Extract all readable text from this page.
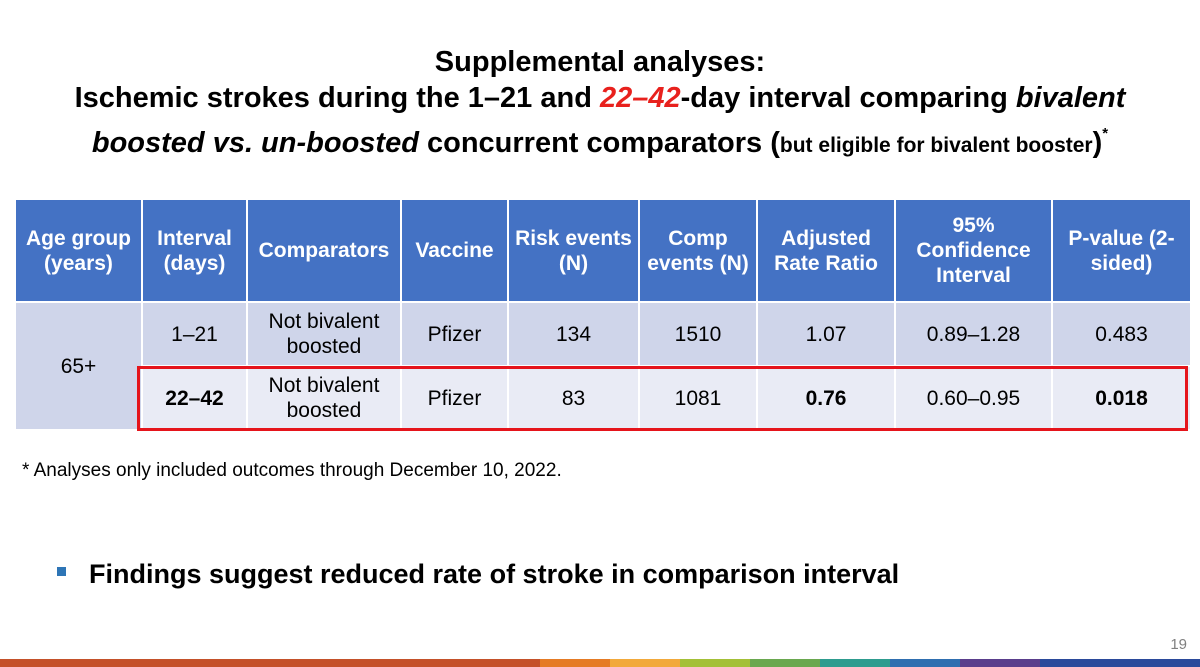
Supplemental analyses:
Ischemic strokes during the 1–21 and 22–42-day interval comparing bivalent
boosted vs. un-boosted concurrent comparators (but eligible for bivalent booster)*
Age group (years)	Interval (days)	Comparators	Vaccine	Risk events (N)	Comp events (N)	Adjusted Rate Ratio	95% Confidence Interval	P-value (2-sided)
65+	1–21	Not bivalent boosted	Pfizer	134	1510	1.07	0.89–1.28	0.483
	22–42	Not bivalent boosted	Pfizer	83	1081	0.76	0.60–0.95	0.018
* Analyses only included outcomes through December 10, 2022.
Findings suggest reduced rate of stroke in comparison interval
19
